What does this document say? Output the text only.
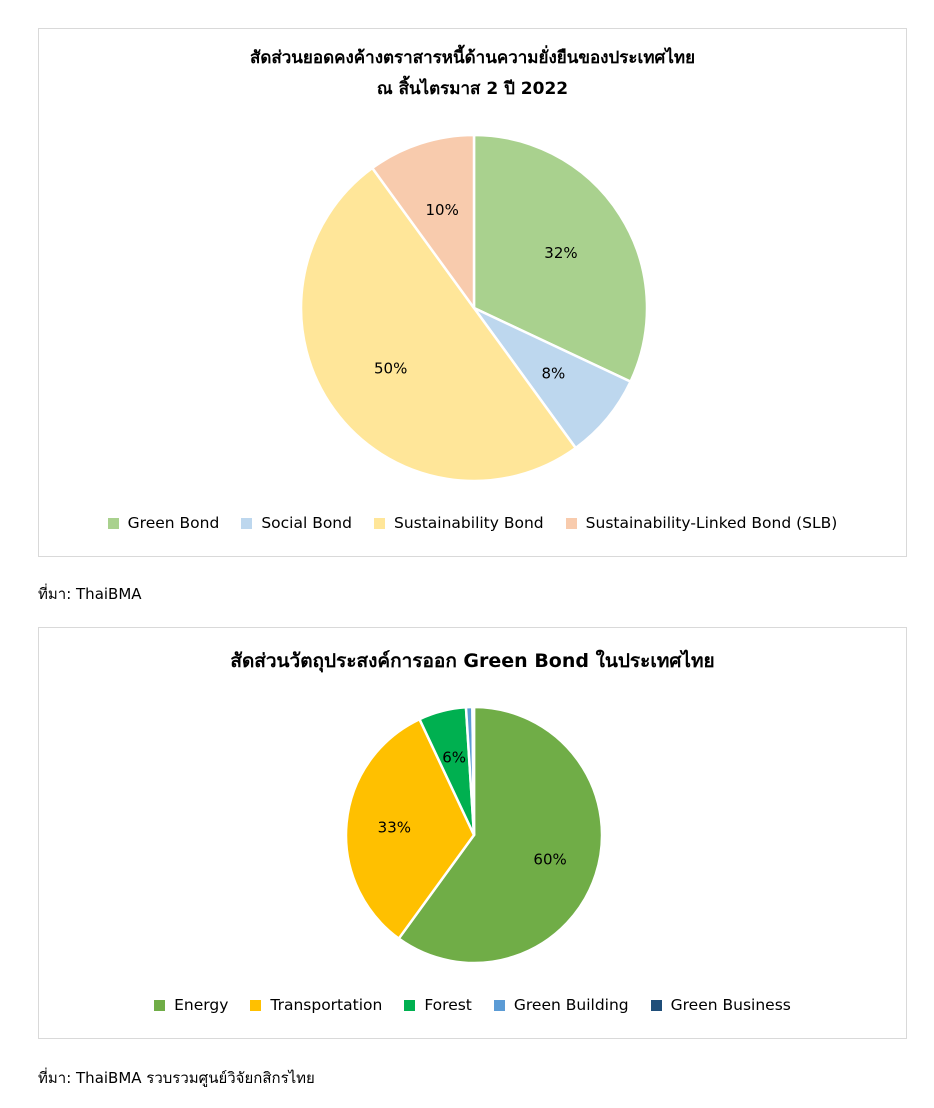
สัดส่วนยอดคงค้างตราสารหนี้ด้านความยั่งยืนของประเทศไทย
ณ สิ้นไตรมาส 2 ปี 2022
32%
8%
50%
10%
Green Bond	Social Bond	Sustainability Bond	Sustainability-Linked Bond (SLB)
ที่มา: ThaiBMA
สัดส่วนวัตถุประสงค์การออก Green Bond ในประเทศไทย
60%
33%
6%
Energy	Transportation	Forest	Green Building	Green Business
ที่มา: ThaiBMA รวบรวมศูนย์วิจัยกสิกรไทย
